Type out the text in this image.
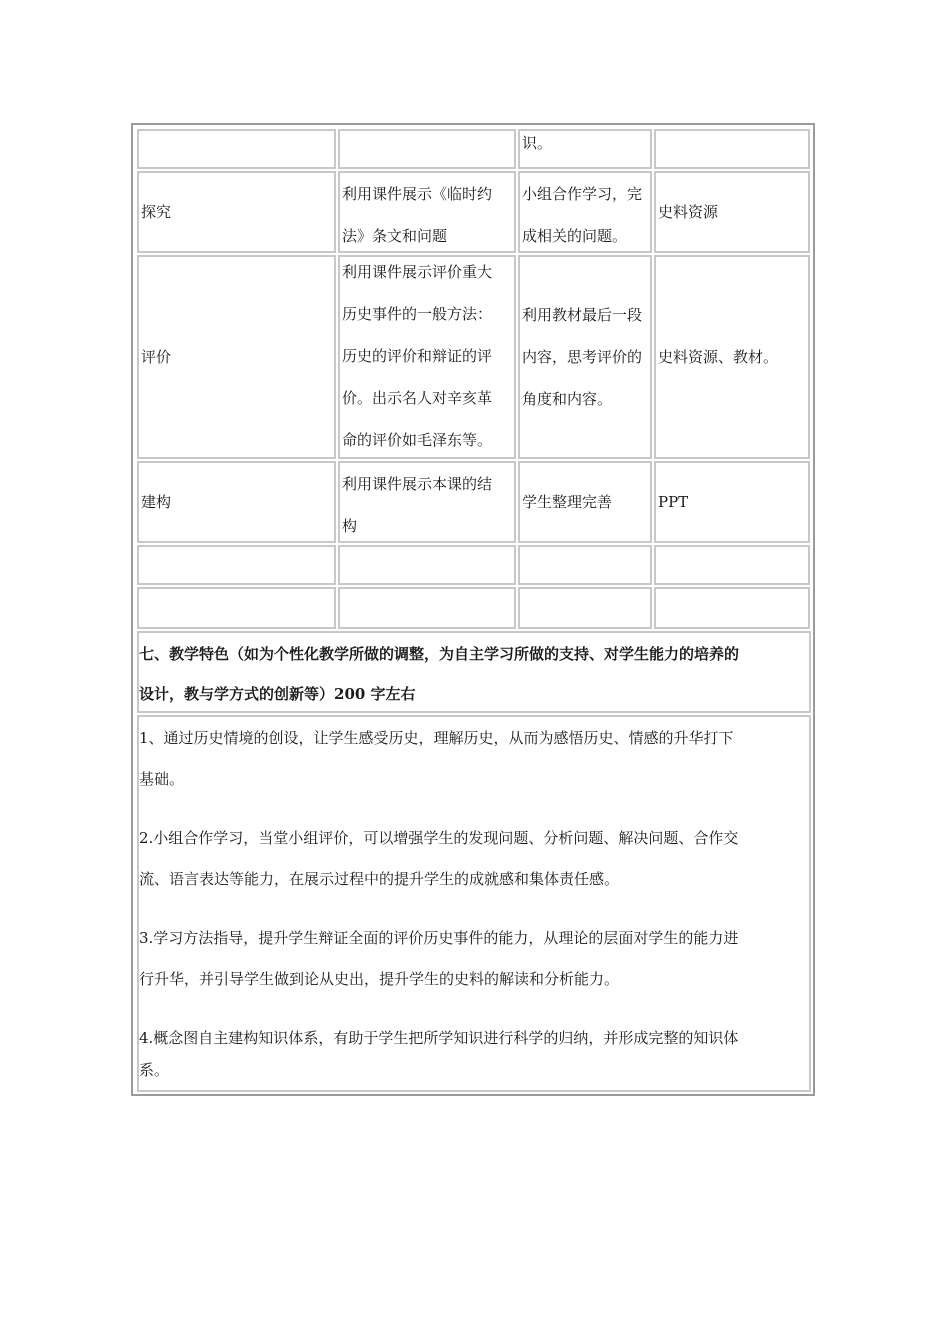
识。
探究
利用课件展示《临时约
法》条文和问题
小组合作学习，完
成相关的问题。
史料资源
评价
利用课件展示评价重大
历史事件的一般方法：
历史的评价和辩证的评
价。出示名人对辛亥革
命的评价如毛泽东等。
利用教材最后一段
内容，思考评价的
角度和内容。
史料资源、教材。
建构
利用课件展示本课的结
构
学生整理完善	PPT
七、教学特色（如为个性化教学所做的调整，为自主学习所做的支持、对学生能力的培养的
设计，教与学方式的创新等）200 字左右
1、通过历史情境的创设，让学生感受历史，理解历史，从而为感悟历史、情感的升华打下
基础。
2.小组合作学习，当堂小组评价，可以增强学生的发现问题、分析问题、解决问题、合作交
流、语言表达等能力，在展示过程中的提升学生的成就感和集体责任感。
3.学习方法指导，提升学生辩证全面的评价历史事件的能力，从理论的层面对学生的能力进
行升华，并引导学生做到论从史出，提升学生的史料的解读和分析能力。
4.概念图自主建构知识体系，有助于学生把所学知识进行科学的归纳，并形成完整的知识体
系。
